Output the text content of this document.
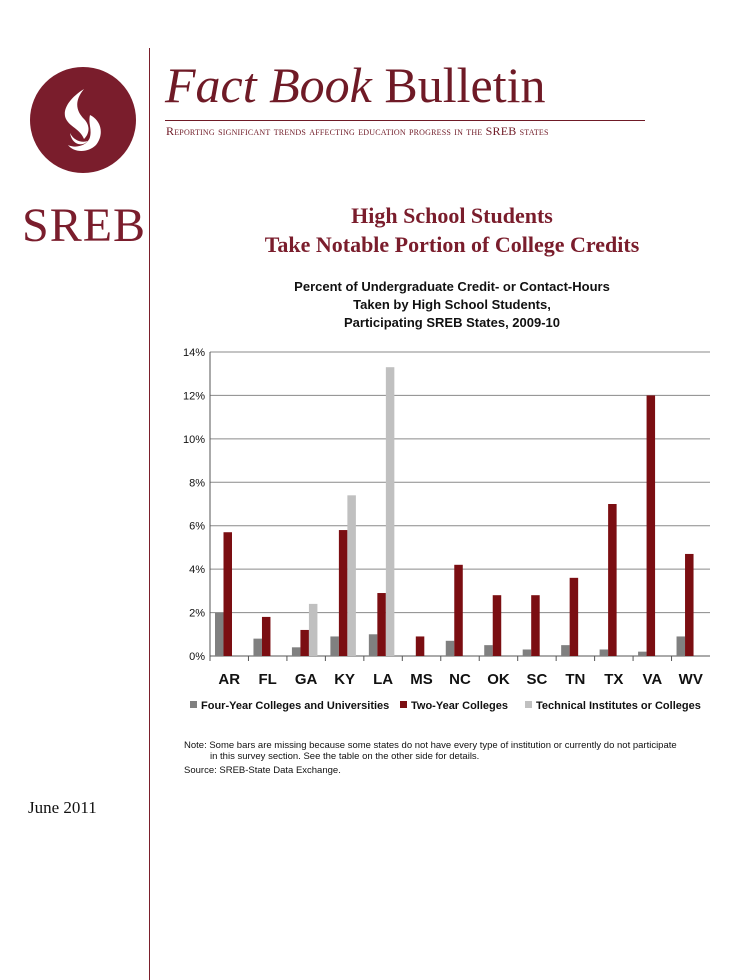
SREB
June 2011
Fact Book Bulletin
Reporting significant trends affecting education progress in the SREB states
High School Students
Take Notable Portion of College Credits
Percent of Undergraduate Credit- or Contact-Hours
Taken by High School Students,
Participating SREB States, 2009-10
0%
2%
4%
6%
8%
10%
12%
14%
AR FL GA KY LA MS NC OK SC TN TX VA WV
Four-Year Colleges and Universities Two-Year Colleges	Technical Institutes or Colleges
Note: Some bars are missing because some states do not have every type of institution or currently do not participate
in this survey section. See the table on the other side for details.
Source: SREB-State Data Exchange.
